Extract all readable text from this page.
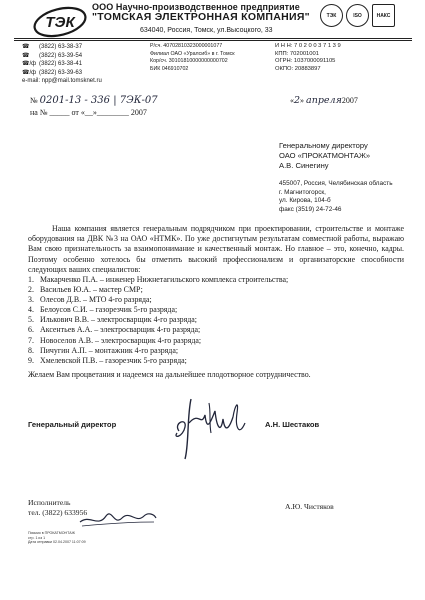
ТЭК
ООО Научно-производственное предприятие
"ТОМСКАЯ ЭЛЕКТРОННАЯ КОМПАНИЯ"	ТЭК	ISO	НАКС
634040, Россия, Томск, ул.Высоцкого, 33
☎	(3822) 63-38-37
☎	(3822) 63-39-54
☎/ф (3822) 63-38-41
☎/ф (3822) 63-39-63
e-mail: npp@mail.tomsknet.ru
Р/сч. 40702810323000001077
Филиал ОАО «Уралсиб» в г. Томск
Кор/сч. 30101810000000000702
БИК 046910702
И Н Н: 7 0 2 0 0 3 7 1 3 9
КПП: 702001001
ОГРН: 1037000091105
ОКПО: 20883897
№ 0201-13 - 336 | 7ЭК-07
на № _____ от «__»________ 2007
«2» апреля2007
Генеральному директору
ОАО «ПРОКАТМОНТАЖ»
А.В. Синегину
455007, Россия, Челябинская область
г. Магнитогорск,
ул. Кирова, 104-б
факс (3519) 24-72-46

Наша компания является генеральным подрядчиком при проектировании, строительстве и монтаже оборудования на ДВК №3 на ОАО «НТМК». По уже достигнутым результатам совместной работы, выражаю Вам свою признательность за взаимопонимание и качественный монтаж. Но главное – это, конечно, кадры. Поэтому особенно хотелось бы отметить высокий профессионализм и организаторские способности следующих ваших специалистов:

1. Макарченко П.А. – инженер Нижнетагильского комплекса строительства;
2. Васильев Ю.А. – мастер СМР;
3. Олесов Д.В. – МТО 4-го разряда;
4. Белоусов С.И. – газорезчик 5-го разряда;
5. Илькович В.В. – электросварщик 4-го разряда;
6. Аксентьев А.А. – электросварщик 4-го разряда;
7. Новоселов А.В. – электросварщик 4-го разряда;
8. Пичугин А.П. – монтажник 4-го разряда;
9. Хмелевской П.В. – газорезчик 5-го разряда;
Желаем Вам процветания и надеемся на дальнейшее плодотворное сотрудничество.
Генеральный директор	А.Н. Шестаков
Исполнитель
тел. (3822) 633956
А.Ю. Чистяков
Письмо в ПРОКАТМОНТАЖ
стр. 1 из 1
Дата отправки 02.04.2007 11:07:09
